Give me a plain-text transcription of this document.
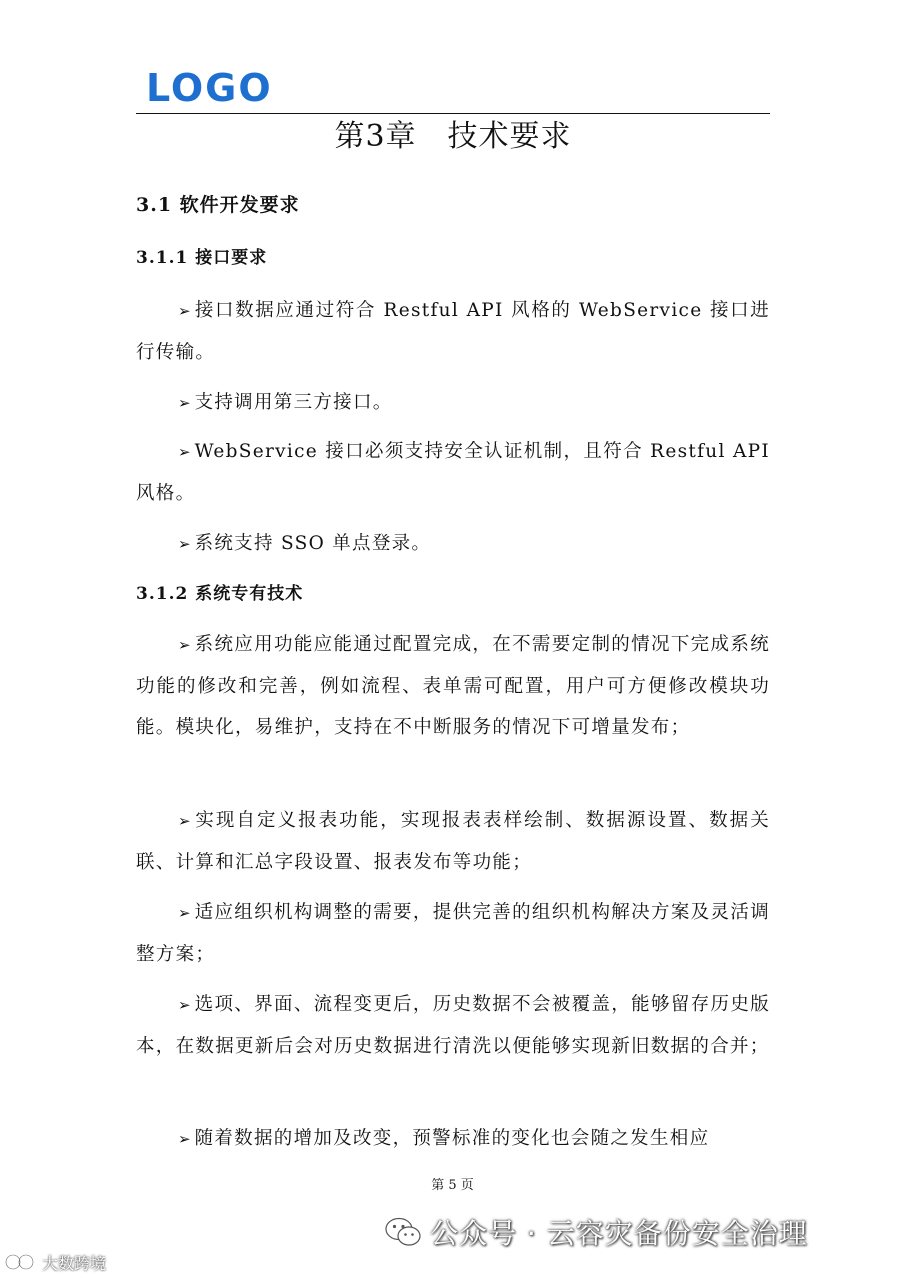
LOGO
第3章　技术要求
3.1 软件开发要求
3.1.1 接口要求
➢ 接口数据应通过符合 Restful API 风格的 WebService 接口进行传输。
➢ 支持调用第三方接口。
➢ WebService 接口必须支持安全认证机制，且符合 Restful API 风格。
➢ 系统支持 SSO 单点登录。
3.1.2 系统专有技术
➢ 系统应用功能应能通过配置完成，在不需要定制的情况下完成系统功能的修改和完善，例如流程、表单需可配置，用户可方便修改模块功能。模块化，易维护，支持在不中断服务的情况下可增量发布；
➢ 实现自定义报表功能，实现报表表样绘制、数据源设置、数据关联、计算和汇总字段设置、报表发布等功能；
➢ 适应组织机构调整的需要，提供完善的组织机构解决方案及灵活调整方案；
➢ 选项、界面、流程变更后，历史数据不会被覆盖，能够留存历史版本，在数据更新后会对历史数据进行清洗以便能够实现新旧数据的合并；
➢ 随着数据的增加及改变，预警标准的变化也会随之发生相应
第 5 页
公众号 · 云容灾备份安全治理
大数跨境
